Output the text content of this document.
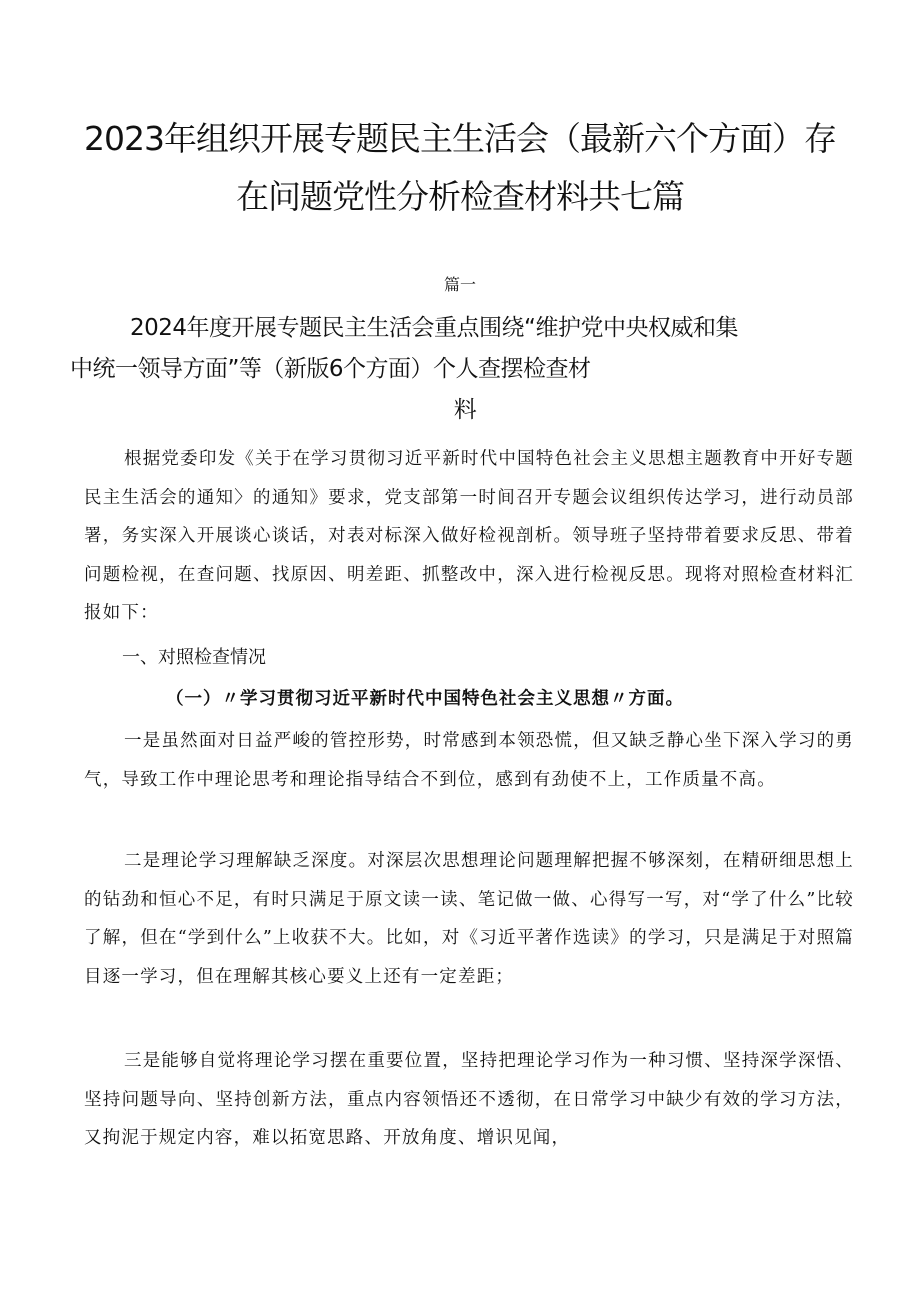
2023年组织开展专题民主生活会（最新六个方面）存
在问题党性分析检查材料共七篇
篇一
2024年度开展专题民主生活会重点围绕“维护党中央权威和集
中统一领导方面”等（新版6个方面）个人查摆检查材
料

根据党委印发《关于在学习贯彻习近平新时代中国特色社会主义思想主题教育中开好专题民主生活会的通知〉的通知》要求，党支部第一时间召开专题会议组织传达学习，进行动员部署，务实深入开展谈心谈话，对表对标深入做好检视剖析。领导班子坚持带着要求反思、带着问题检视，在查问题、找原因、明差距、抓整改中，深入进行检视反思。现将对照检查材料汇报如下：

一、对照检查情况
（一）〃学习贯彻习近平新时代中国特色社会主义思想〃方面。

一是虽然面对日益严峻的管控形势，时常感到本领恐慌，但又缺乏静心坐下深入学习的勇气，导致工作中理论思考和理论指导结合不到位，感到有劲使不上，工作质量不高。

二是理论学习理解缺乏深度。对深层次思想理论问题理解把握不够深刻，在精研细思想上的钻劲和恒心不足，有时只满足于原文读一读、笔记做一做、心得写一写，对“学了什么”比较了解，但在“学到什么”上收获不大。比如，对《习近平著作选读》的学习，只是满足于对照篇目逐一学习，但在理解其核心要义上还有一定差距；

三是能够自觉将理论学习摆在重要位置，坚持把理论学习作为一种习惯、坚持深学深悟、坚持问题导向、坚持创新方法，重点内容领悟还不透彻，在日常学习中缺少有效的学习方法，又拘泥于规定内容，难以拓宽思路、开放角度、增识见闻，
